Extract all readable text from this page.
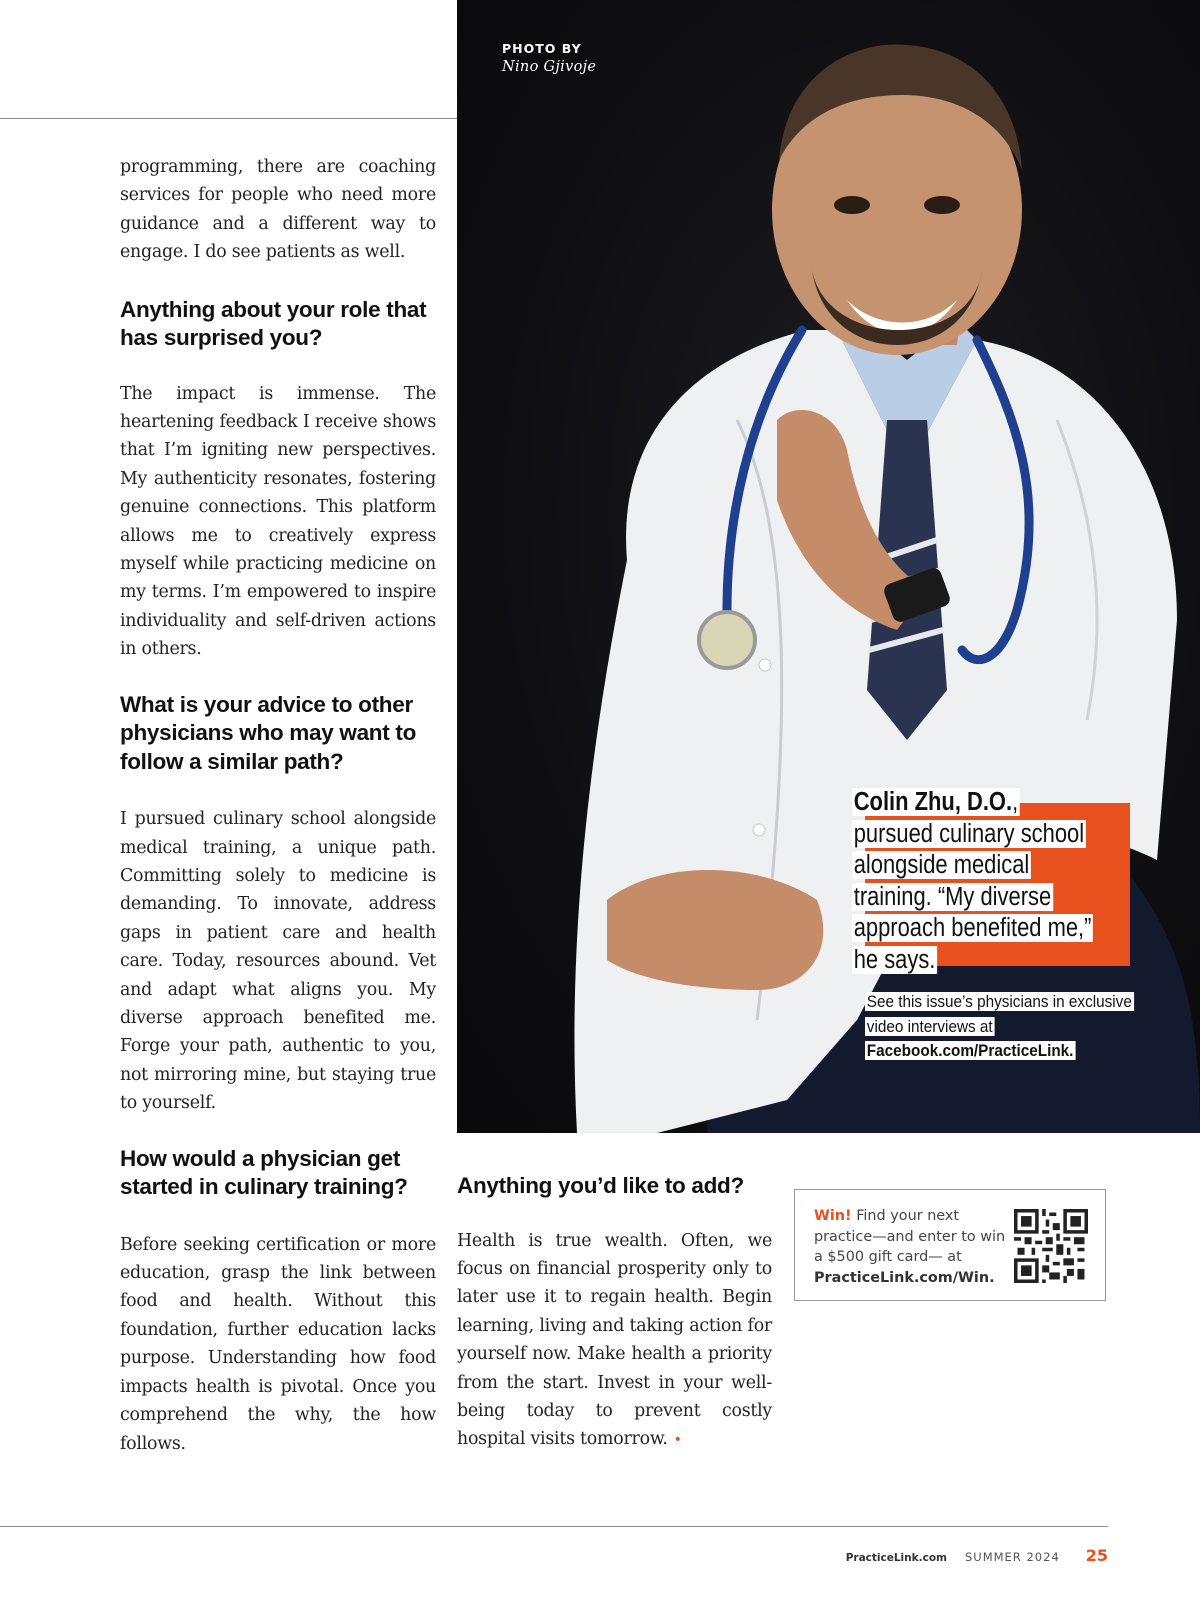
PHOTO BY
Nino Gjivoje
Colin Zhu, D.O., pursued culinary school alongside medical training. “My diverse approach benefited me,” he says.
See this issue’s physicians in exclusive video interviews at Facebook.com/PracticeLink.

programming, there are coaching services for people who need more guidance and a different way to engage. I do see patients as well.

Anything about your role that has surprised you?

The impact is immense. The heartening feedback I receive shows that I’m igniting new perspectives. My authenticity resonates, fostering genuine connections. This platform allows me to creatively express myself while practicing medicine on my terms. I’m empowered to inspire individuality and self-driven actions in others.

What is your advice to other physicians who may want to follow a similar path?

I pursued culinary school alongside medical training, a unique path. Committing solely to medicine is demanding. To innovate, address gaps in patient care and health care. Today, resources abound. Vet and adapt what aligns you. My diverse approach benefited me. Forge your path, authentic to you, not mirroring mine, but staying true to yourself.

How would a physician get started in culinary training?

Before seeking certification or more education, grasp the link between food and health. Without this foundation, further education lacks purpose. Understanding how food impacts health is pivotal. Once you comprehend the why, the how follows.

Anything you’d like to add?

Health is true wealth. Often, we focus on financial prosperity only to later use it to regain health. Begin learning, living and taking action for yourself now. Make health a priority from the start. Invest in your well-being today to prevent costly hospital visits tomorrow. •

Win! Find your next practice—and enter to win a $500 gift card— at PracticeLink.com/Win.
PracticeLink.com SUMMER 2024 25
